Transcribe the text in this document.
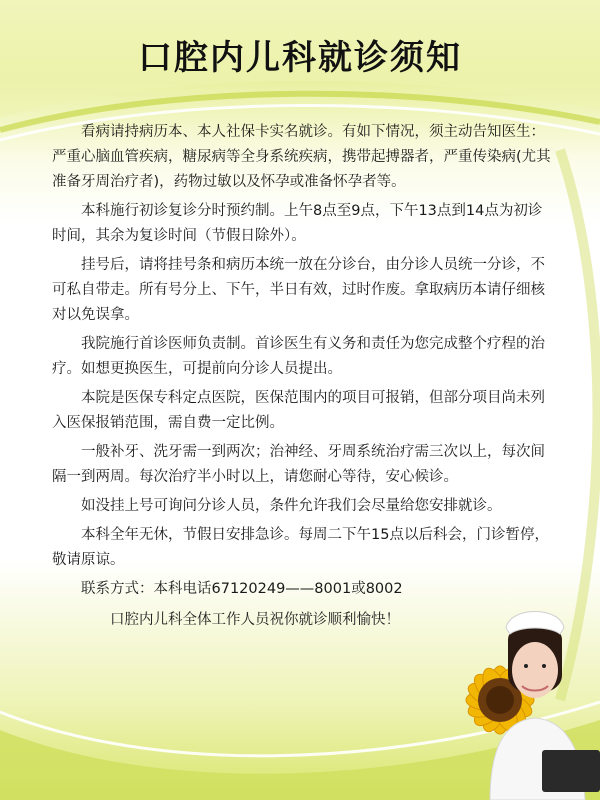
口腔内儿科就诊须知

看病请持病历本、本人社保卡实名就诊。有如下情况，须主动告知医生：严重心脑血管疾病，糖尿病等全身系统疾病，携带起搏器者，严重传染病(尤其准备牙周治疗者)，药物过敏以及怀孕或准备怀孕者等。

本科施行初诊复诊分时预约制。上午8点至9点，下午13点到14点为初诊时间，其余为复诊时间（节假日除外）。

挂号后，请将挂号条和病历本统一放在分诊台，由分诊人员统一分诊，不可私自带走。所有号分上、下午，半日有效，过时作废。拿取病历本请仔细核对以免误拿。

我院施行首诊医师负责制。首诊医生有义务和责任为您完成整个疗程的治疗。如想更换医生，可提前向分诊人员提出。

本院是医保专科定点医院，医保范围内的项目可报销，但部分项目尚未列入医保报销范围，需自费一定比例。

一般补牙、洗牙需一到两次；治神经、牙周系统治疗需三次以上，每次间隔一到两周。每次治疗半小时以上，请您耐心等待，安心候诊。

如没挂上号可询问分诊人员，条件允许我们会尽量给您安排就诊。

本科全年无休，节假日安排急诊。每周二下午15点以后科会，门诊暂停，敬请原谅。

联系方式：本科电话67120249——8001或8002

口腔内儿科全体工作人员祝你就诊顺利愉快！
